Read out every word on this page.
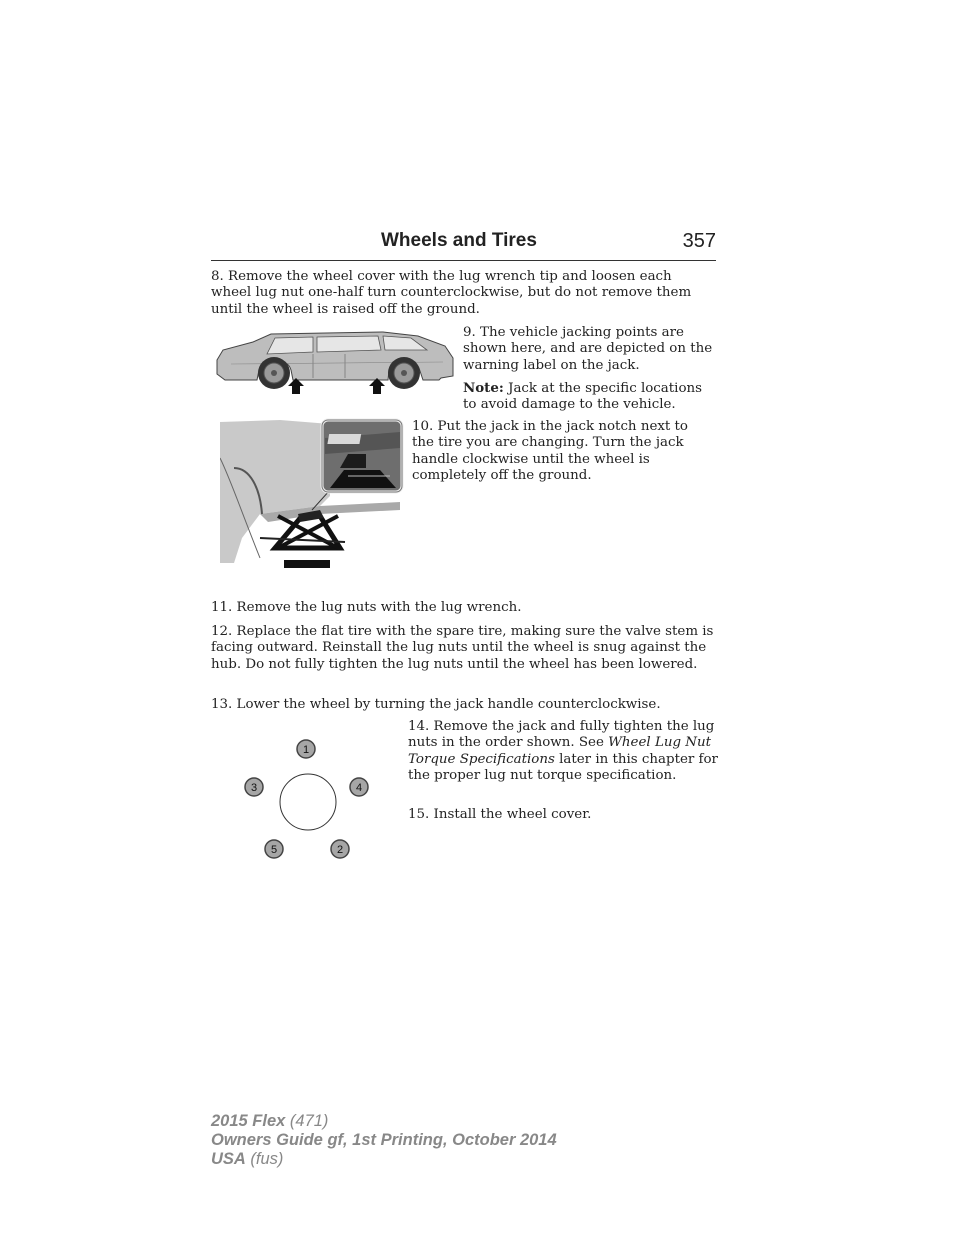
Wheels and Tires	357

8. Remove the wheel cover with the lug wrench tip and loosen each wheel lug nut one-half turn counterclockwise, but do not remove them until the wheel is raised off the ground.

9. The vehicle jacking points are shown here, and are depicted on the warning label on the jack.

Note: Jack at the specific locations to avoid damage to the vehicle.

10. Put the jack in the jack notch next to the tire you are changing. Turn the jack handle clockwise until the wheel is completely off the ground.

11. Remove the lug nuts with the lug wrench.

12. Replace the flat tire with the spare tire, making sure the valve stem is facing outward. Reinstall the lug nuts until the wheel is snug against the hub. Do not fully tighten the lug nuts until the wheel has been lowered.

13. Lower the wheel by turning the jack handle counterclockwise.

1
2
3	4
5

14. Remove the jack and fully tighten the lug nuts in the order shown. See Wheel Lug Nut Torque Specifications later in this chapter for the proper lug nut torque specification.

15. Install the wheel cover.

2015 Flex (471)
Owners Guide gf, 1st Printing, October 2014
USA (fus)
